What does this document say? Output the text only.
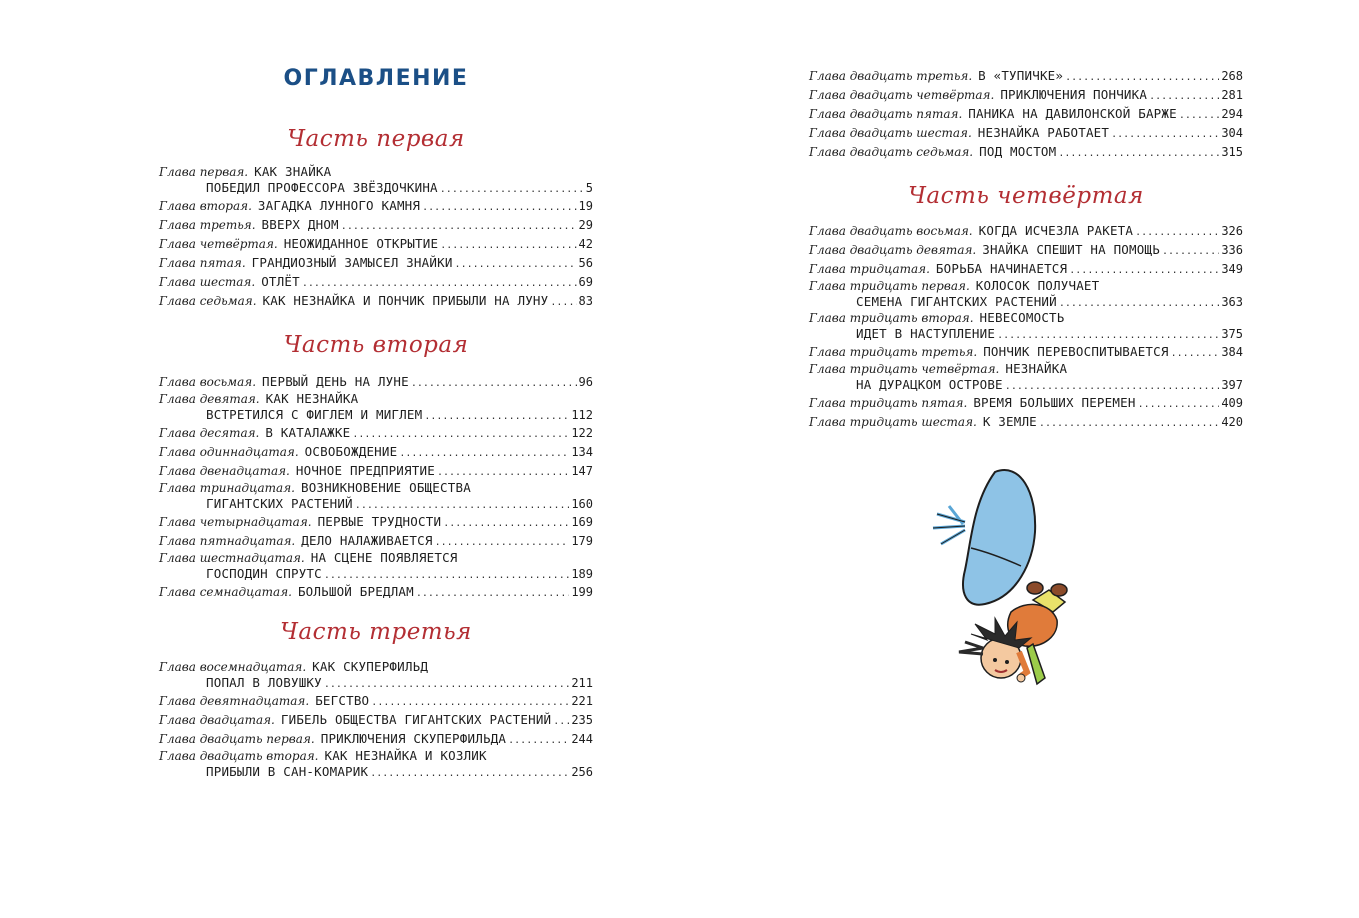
ОГЛАВЛЕНИЕ
Часть первая
Глава первая. КАК ЗНАЙКА
ПОБЕДИЛ ПРОФЕССОРА ЗВЁЗДОЧКИНА .....	5
Глава вторая. ЗАГАДКА ЛУННОГО КАМНЯ .....	19
Глава третья. ВВЕРХ ДНОМ .....	29
Глава четвёртая. НЕОЖИДАННОЕ ОТКРЫТИЕ .....	42
Глава пятая. ГРАНДИОЗНЫЙ ЗАМЫСЕЛ ЗНАЙКИ .....	56
Глава шестая. ОТЛЁТ .....	69
Глава седьмая. КАК НЕЗНАЙКА И ПОНЧИК ПРИБЫЛИ НА ЛУНУ .....	83
Часть вторая
Глава восьмая. ПЕРВЫЙ ДЕНЬ НА ЛУНЕ .....	96
Глава девятая. КАК НЕЗНАЙКА
ВСТРЕТИЛСЯ С ФИГЛЕМ И МИГЛЕМ .....	112
Глава десятая. В КАТАЛАЖКЕ .....	122
Глава одиннадцатая. ОСВОБОЖДЕНИЕ .....	134
Глава двенадцатая. НОЧНОЕ ПРЕДПРИЯТИЕ .....	147
Глава тринадцатая. ВОЗНИКНОВЕНИЕ ОБЩЕСТВА
ГИГАНТСКИХ РАСТЕНИЙ .....	160
Глава четырнадцатая. ПЕРВЫЕ ТРУДНОСТИ .....	169
Глава пятнадцатая. ДЕЛО НАЛАЖИВАЕТСЯ .....	179
Глава шестнадцатая. НА СЦЕНЕ ПОЯВЛЯЕТСЯ
ГОСПОДИН СПРУТС .....	189
Глава семнадцатая. БОЛЬШОЙ БРЕДЛАМ .....	199
Часть третья
Глава восемнадцатая. КАК СКУПЕРФИЛЬД
ПОПАЛ В ЛОВУШКУ .....	211
Глава девятнадцатая. БЕГСТВО .....	221
Глава двадцатая. ГИБЕЛЬ ОБЩЕСТВА ГИГАНТСКИХ РАСТЕНИЙ ..... 235
Глава двадцать первая. ПРИКЛЮЧЕНИЯ СКУПЕРФИЛЬДА .....	244
Глава двадцать вторая. КАК НЕЗНАЙКА И КОЗЛИК
ПРИБЫЛИ В САН-КОМАРИК .....	256
Глава двадцать третья. В «ТУПИЧКЕ» .....	268
Глава двадцать четвёртая. ПРИКЛЮЧЕНИЯ ПОНЧИКА .....	281
Глава двадцать пятая. ПАНИКА НА ДАВИЛОНСКОЙ БАРЖЕ .....	294
Глава двадцать шестая. НЕЗНАЙКА РАБОТАЕТ .....	304
Глава двадцать седьмая. ПОД МОСТОМ .....	315
Часть четвёртая
Глава двадцать восьмая. КОГДА ИСЧЕЗЛА РАКЕТА .....	326
Глава двадцать девятая. ЗНАЙКА СПЕШИТ НА ПОМОЩЬ .....	336
Глава тридцатая. БОРЬБА НАЧИНАЕТСЯ .....	349
Глава тридцать первая. КОЛОСОК ПОЛУЧАЕТ
СЕМЕНА ГИГАНТСКИХ РАСТЕНИЙ .....	363
Глава тридцать вторая. НЕВЕСОМОСТЬ
ИДЕТ В НАСТУПЛЕНИЕ .....	375
Глава тридцать третья. ПОНЧИК ПЕРЕВОСПИТЫВАЕТСЯ .....	384
Глава тридцать четвёртая. НЕЗНАЙКА
НА ДУРАЦКОМ ОСТРОВЕ .....	397
Глава тридцать пятая. ВРЕМЯ БОЛЬШИХ ПЕРЕМЕН .....	409
Глава тридцать шестая. К ЗЕМЛЕ .....	420
